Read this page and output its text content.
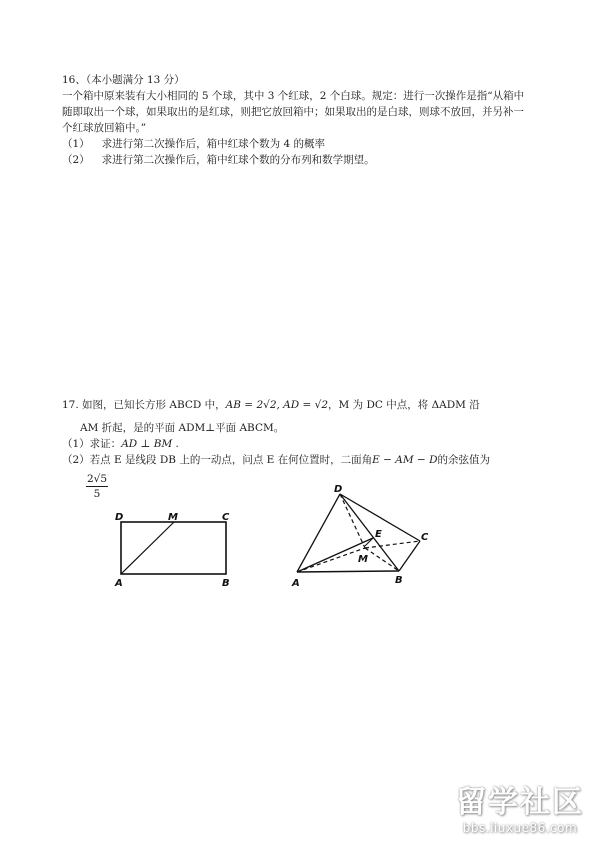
16、（本小题满分 13 分）
一个箱中原来装有大小相同的 5 个球，其中 3 个红球，2 个白球。规定：进行一次操作是指“从箱中
随即取出一个球，如果取出的是红球，则把它放回箱中；如果取出的是白球，则球不放回，并另补一
个红球放回箱中。”
（1） 求进行第二次操作后，箱中红球个数为 4 的概率
（2） 求进行第二次操作后，箱中红球个数的分布列和数学期望。
17. 如图，已知长方形 ABCD 中，AB = 2√2, AD = √2，M 为 DC 中点，将 ΔADM 沿
AM 折起，是的平面 ADM⊥平面 ABCM。
（1）求证：AD ⊥ BM .
（2）若点 E 是线段 DB 上的一动点，问点 E 在何位置时，二面角E − AM − D的余弦值为
$\frac{2√5}{5}$
D	M	C
A	B
D
E	C
M
A	B
留学社区
bbs.liuxue86.com
